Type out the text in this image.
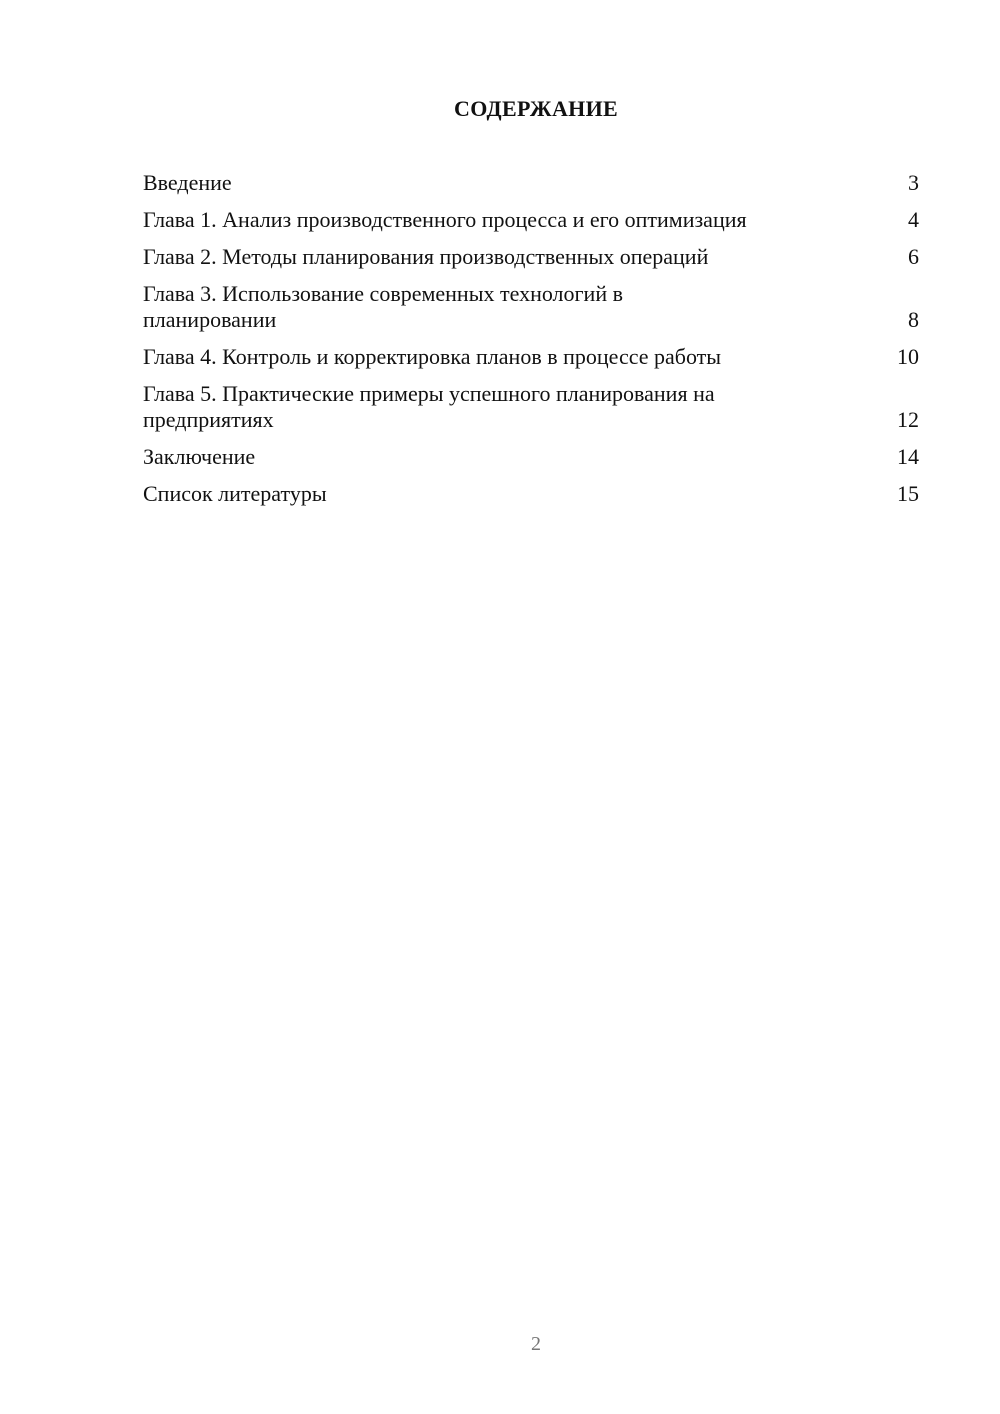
СОДЕРЖАНИЕ
Введение	3
Глава 1. Анализ производственного процесса и его оптимизация	4
Глава 2. Методы планирования производственных операций	6
Глава 3. Использование современных технологий в планировании	8
Глава 4. Контроль и корректировка планов в процессе работы	10
Глава 5. Практические примеры успешного планирования на предприятиях	12
Заключение	14
Список литературы	15
2
